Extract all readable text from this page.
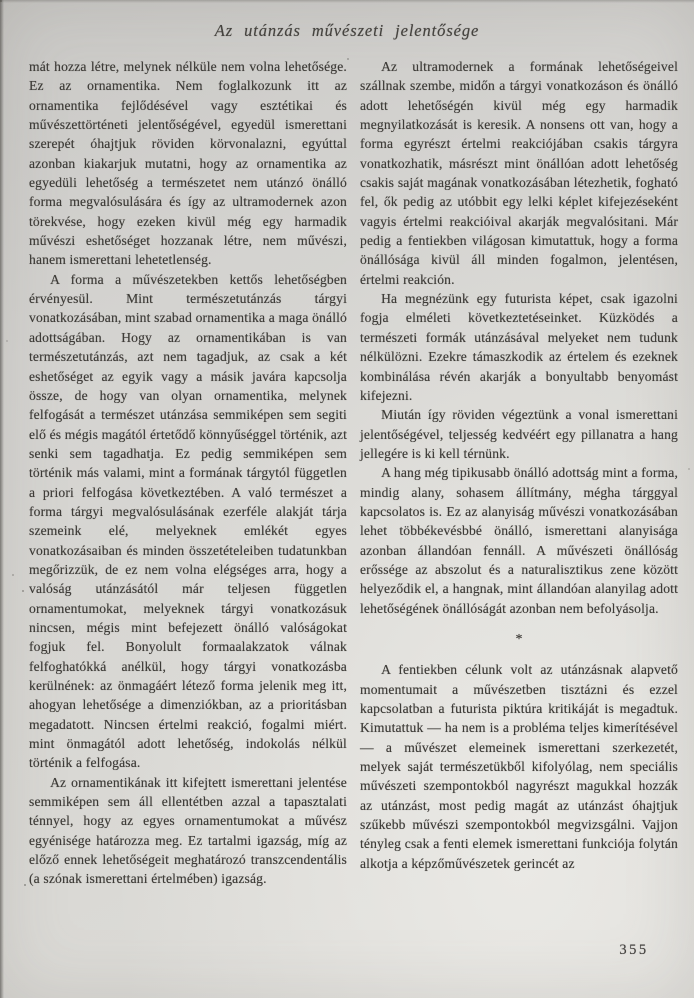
Az utánzás művészeti jelentősége

mát hozza létre, melynek nélküle nem volna lehetősége. Ez az ornamentika. Nem foglalkozunk itt az ornamentika fejlődésével vagy esztétikai és művészettörténeti jelentőségével, egyedül ismerettani szerepét óhajtjuk röviden körvonalazni, egyúttal azonban kiakarjuk mutatni, hogy az ornamentika az egyedüli lehetőség a természetet nem utánzó önálló forma megvalósulására és így az ultramodernek azon törekvése, hogy ezeken kivül még egy harmadik művészi eshetőséget hozzanak létre, nem művészi, hanem ismerettani lehetetlenség.

A forma a művészetekben kettős lehetőségben érvényesül. Mint természetutánzás tárgyi vonatkozásában, mint szabad ornamentika a maga önálló adottságában. Hogy az ornamentikában is van természetutánzás, azt nem tagadjuk, az csak a két eshetőséget az egyik vagy a másik javára kapcsolja össze, de hogy van olyan ornamentika, melynek felfogását a természet utánzása semmiképen sem segiti elő és mégis magától értetődő könnyűséggel történik, azt senki sem tagadhatja. Ez pedig semmiképen sem történik más valami, mint a formának tárgytól független a priori felfogása következtében. A való természet a forma tárgyi megvalósulásának ezerféle alakját tárja szemeink elé, melyeknek emlékét egyes vonatkozásaiban és minden összetételeiben tudatunkban megőrizzük, de ez nem volna elégséges arra, hogy a valóság utánzásától már teljesen független ornamentumokat, melyeknek tárgyi vonatkozásuk nincsen, mégis mint befejezett önálló valóságokat fogjuk fel. Bonyolult formaalakzatok válnak felfoghatókká anélkül, hogy tárgyi vonatkozásba kerülnének: az önmagáért létező forma jelenik meg itt, ahogyan lehetősége a dimenziókban, az a prioritásban megadatott. Nincsen értelmi reakció, fogalmi miért. mint önmagától adott lehetőség, indokolás nélkül történik a felfogása.

Az ornamentikának itt kifejtett ismerettani jelentése semmiképen sem áll ellentétben azzal a tapasztalati ténnyel, hogy az egyes ornamentumokat a művész egyénisége határozza meg. Ez tartalmi igazság, míg az előző ennek lehetőségeit meghatározó transzcendentális (a szónak ismerettani értelmében) igazság.

Az ultramodernek a formának lehetőségeivel szállnak szembe, midőn a tárgyi vonatkozáson és önálló adott lehetőségén kivül még egy harmadik megnyilatkozását is keresik. A nonsens ott van, hogy a forma egyrészt értelmi reakciójában csakis tárgyra vonatkozhatik, másrészt mint önállóan adott lehetőség csakis saját magának vonatkozásában létezhetik, fogható fel, ők pedig az utóbbit egy lelki képlet kifejezéseként vagyis értelmi reakcióival akarják megvalósitani. Már pedig a fentiekben világosan kimutattuk, hogy a forma önállósága kivül áll minden fogalmon, jelentésen, értelmi reakción.

Ha megnézünk egy futurista képet, csak igazolni fogja elméleti következtetéseinket. Küzködés a természeti formák utánzásával melyeket nem tudunk nélkülözni. Ezekre támaszkodik az értelem és ezeknek kombinálása révén akarják a bonyultabb benyomást kifejezni.

Miután így röviden végeztünk a vonal ismerettani jelentőségével, teljesség kedvéért egy pillanatra a hang jellegére is ki kell térnünk.

A hang még tipikusabb önálló adottság mint a forma, mindig alany, sohasem állítmány, mégha tárggyal kapcsolatos is. Ez az alanyiság művészi vonatkozásában lehet többékevésbbé önálló, ismerettani alanyisága azonban állandóan fennáll. A művészeti önállóság erőssége az abszolut és a naturalisztikus zene között helyeződik el, a hangnak, mint állandóan alanyilag adott lehetőségének önállóságát azonban nem befolyásolja.

*

A fentiekben célunk volt az utánzásnak alapvető momentumait a művészetben tisztázni és ezzel kapcsolatban a futurista piktúra kritikáját is megadtuk. Kimutattuk — ha nem is a probléma teljes kimerítésével — a művészet elemeinek ismerettani szerkezetét, melyek saját természetükből kifolyólag, nem speciális művészeti szempontokból nagyrészt magukkal hozzák az utánzást, most pedig magát az utánzást óhajtjuk szűkebb művészi szempontokból megvizsgálni. Vajjon tényleg csak a fenti elemek ismerettani funkciója folytán alkotja a képzőművészetek gerincét az

355
